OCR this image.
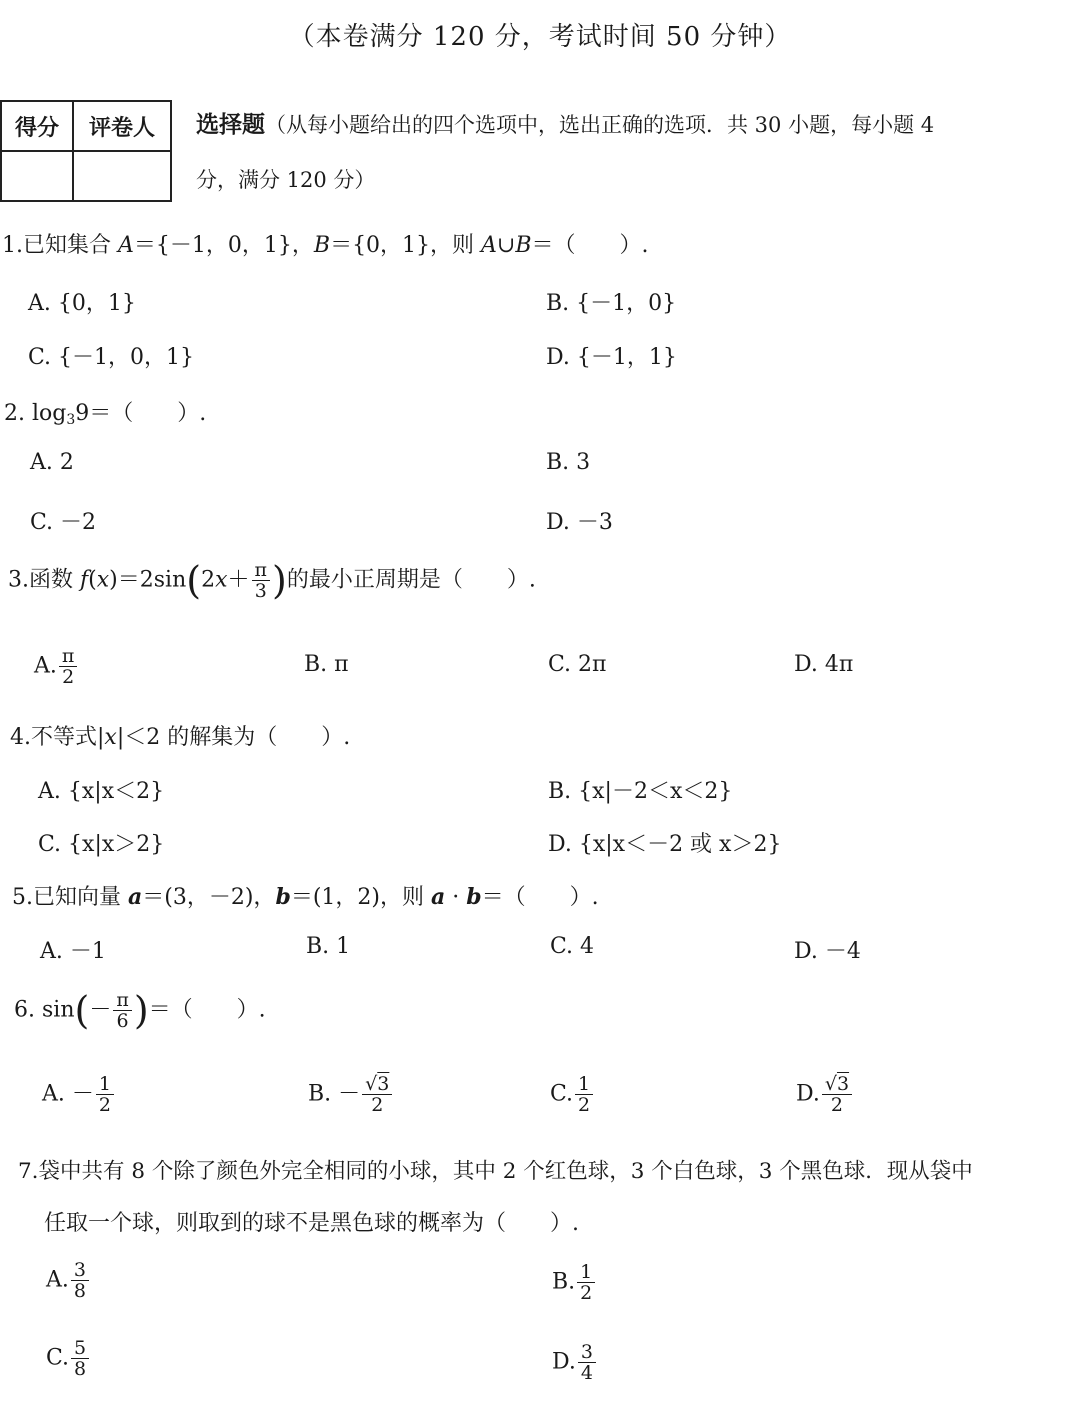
（本卷满分 120 分，考试时间 50 分钟）
得分	评卷人
	选择题（从每小题给出的四个选项中，选出正确的选项．共 30 小题，每小题 4
分，满分 120 分）
1.已知集合 A＝{－1，0，1}，B＝{0，1}，则 A∪B＝（　　）.
A. {0，1}	B. {－1，0}
C. {－1，0，1}	D. {－1，1}
2. $\log_39=$（　　）.
A. 2	B. 3
C. －2	D. －3
3.函数 $f(x)=2\sin(2x+ \frac{\pi}{3}$ )的最小正周期是（　　）.
A. $\frac{\pi}{2}$	B. π	C. 2π	D. 4π
4.不等式|x|＜2 的解集为（　　）.
A. {x|x＜2}	B. {x|－2＜x＜2}
C. {x|x＞2}	D. {x|x＜－2 或 x＞2}
5.已知向量 a＝(3，－2)，b＝(1，2)，则 a · b＝（　　）.
A. －1	B. 1	C. 4	D. －4
6. $\sin(- \frac{\pi}{6}$ )＝（　　）.
A. － $\frac{1}{2}$	B. － $\frac{√3}{2}$	C. $\frac{1}{2}$	D. $\frac{√3}{2}$
7.袋中共有 8 个除了颜色外完全相同的小球，其中 2 个红色球，3 个白色球，3 个黑色球．现从袋中
任取一个球，则取到的球不是黑色球的概率为（　　）.
A. $\frac{3}{8}$	B. $\frac{1}{2}$
C. $\frac{5}{8}$	D. $\frac{3}{4}$
